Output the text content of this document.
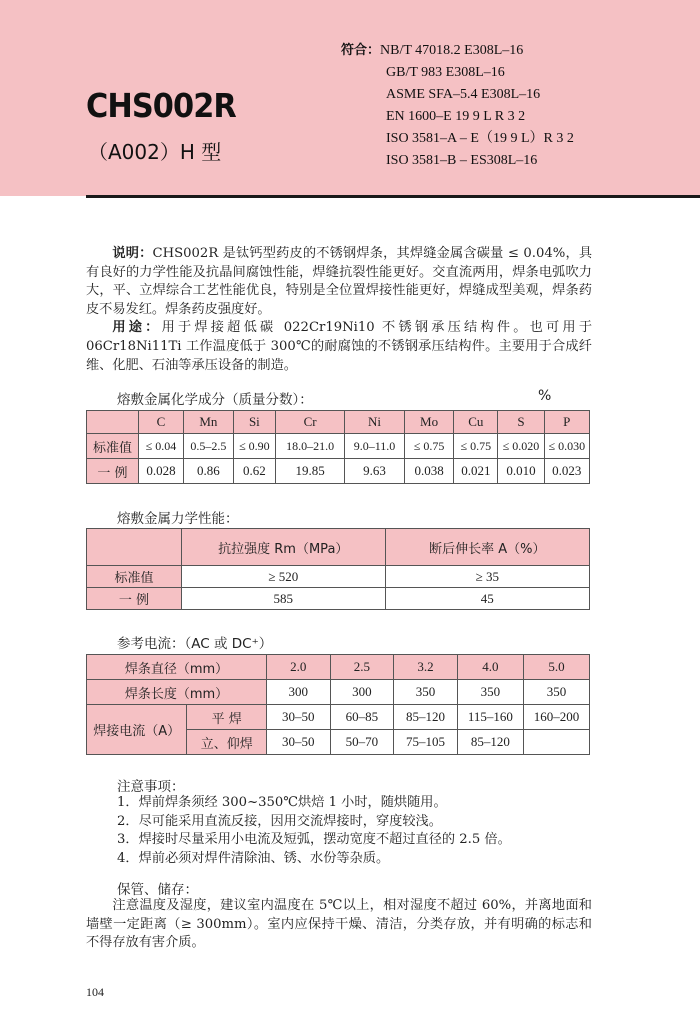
CHS002R
（A002）H 型
符合：NB/T 47018.2 E308L–16
GB/T 983 E308L–16
ASME SFA–5.4 E308L–16
EN 1600–E 19 9 L R 3 2
ISO 3581–A – E（19 9 L）R 3 2
ISO 3581–B – ES308L–16

说明：CHS002R 是钛钙型药皮的不锈钢焊条，其焊缝金属含碳量 ≤ 0.04%，具有良好的力学性能及抗晶间腐蚀性能，焊缝抗裂性能更好。交直流两用，焊条电弧吹力大，平、立焊综合工艺性能优良，特别是全位置焊接性能更好，焊缝成型美观，焊条药皮不易发红。焊条药皮强度好。

用途：用于焊接超低碳 022Cr19Ni10 不锈钢承压结构件。也可用于 06Cr18Ni11Ti 工作温度低于 300℃的耐腐蚀的不锈钢承压结构件。主要用于合成纤维、化肥、石油等承压设备的制造。

熔敷金属化学成分（质量分数）：	%
	C	Mn	Si	Cr	Ni	Mo	Cu	S	P
标准值	≤ 0.04	0.5–2.5	≤ 0.90	18.0–21.0	9.0–11.0	≤ 0.75	≤ 0.75	≤ 0.020	≤ 0.030
一 例	0.028	0.86	0.62	19.85	9.63	0.038	0.021	0.010	0.023
熔敷金属力学性能：
	抗拉强度 Rm（MPa）	断后伸长率 A（%）
标准值	≥ 520	≥ 35
一 例	585	45
参考电流：（AC 或 DC⁺）
焊条直径（mm）		2.0	2.5	3.2	4.0	5.0
焊条长度（mm）		300	300	350	350	350
焊接电流（A）	平 焊	30–50	60–85	85–120	115–160	160–200
	立、仰焊	30–50	50–70	75–105	85–120	
注意事项：
1．焊前焊条须经 300~350℃烘焙 1 小时，随烘随用。
2．尽可能采用直流反接，因用交流焊接时，穿度较浅。
3．焊接时尽量采用小电流及短弧，摆动宽度不超过直径的 2.5 倍。
4．焊前必须对焊件清除油、锈、水份等杂质。
保管、储存：

注意温度及湿度，建议室内温度在 5℃以上，相对湿度不超过 60%，并离地面和墙壁一定距离（≥ 300mm）。室内应保持干燥、清洁，分类存放，并有明确的标志和不得存放有害介质。

104
